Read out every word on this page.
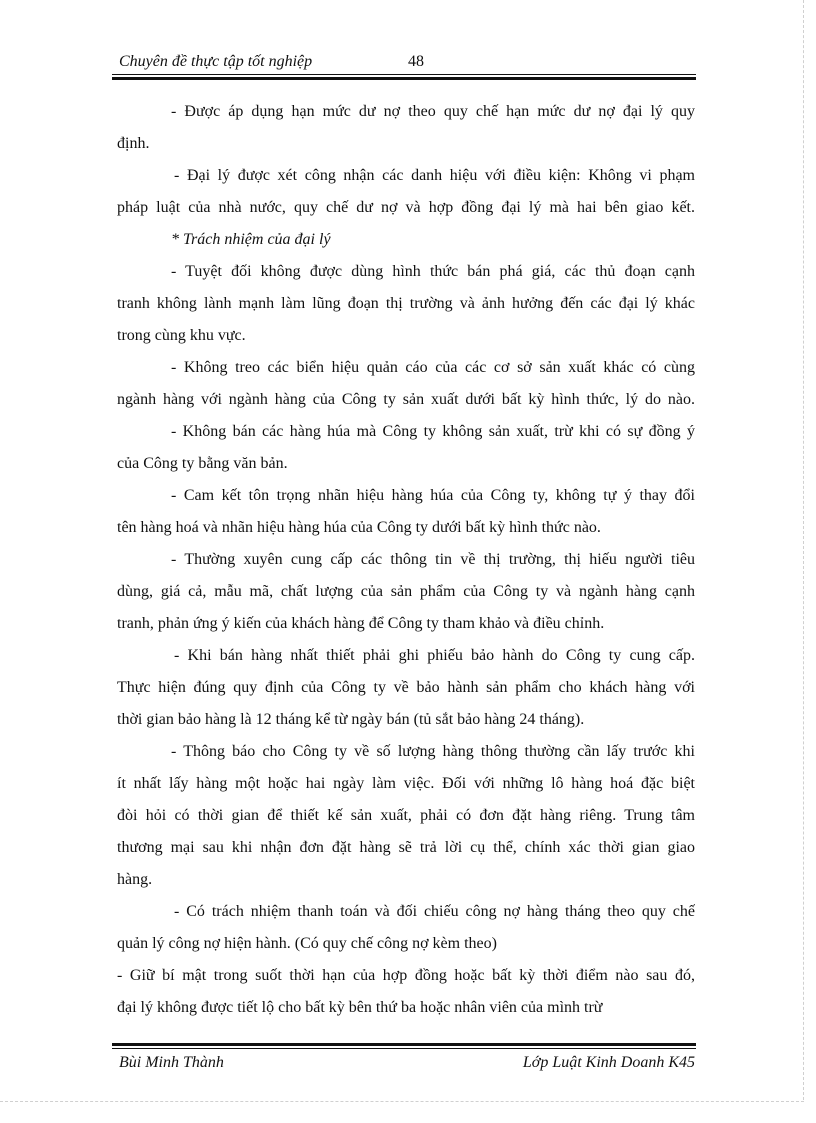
Chuyên đề thực tập tốt nghiệp	48
- Được áp dụng hạn mức dư nợ theo quy chế hạn mức dư nợ đại lý quy
định.
- Đại lý được xét công nhận các danh hiệu với điều kiện: Không vi phạm
pháp luật của nhà nước, quy chế dư nợ và hợp đồng đại lý mà hai bên giao kết.
* Trách nhiệm của đại lý
- Tuyệt đối không được dùng hình thức bán phá giá, các thủ đoạn cạnh
tranh không lành mạnh làm lũng đoạn thị trường và ảnh hưởng đến các đại lý khác
trong cùng khu vực.
- Không treo các biển hiệu quản cáo của các cơ sở sản xuất khác có cùng
ngành hàng với ngành hàng của Công ty sản xuất dưới bất kỳ hình thức, lý do nào.
- Không bán các hàng húa mà Công ty không sản xuất, trừ khi có sự đồng ý
của Công ty bằng văn bản.
- Cam kết tôn trọng nhãn hiệu hàng húa của Công ty, không tự ý thay đổi
tên hàng hoá và nhãn hiệu hàng húa của Công ty dưới bất kỳ hình thức nào.
- Thường xuyên cung cấp các thông tin về thị trường, thị hiếu người tiêu
dùng, giá cả, mẫu mã, chất lượng của sản phẩm của Công ty và ngành hàng cạnh
tranh, phản ứng ý kiến của khách hàng để Công ty tham khảo và điều chỉnh.
- Khi bán hàng nhất thiết phải ghi phiếu bảo hành do Công ty cung cấp.
Thực hiện đúng quy định của Công ty về bảo hành sản phẩm cho khách hàng với
thời gian bảo hàng là 12 tháng kể từ ngày bán (tủ sắt bảo hàng 24 tháng).
- Thông báo cho Công ty về số lượng hàng thông thường cần lấy trước khi
ít nhất lấy hàng một hoặc hai ngày làm việc. Đối với những lô hàng hoá đặc biệt
đòi hỏi có thời gian để thiết kế sản xuất, phải có đơn đặt hàng riêng. Trung tâm
thương mại sau khi nhận đơn đặt hàng sẽ trả lời cụ thể, chính xác thời gian giao
hàng.
- Có trách nhiệm thanh toán và đối chiếu công nợ hàng tháng theo quy chế
quản lý công nợ hiện hành. (Có quy chế công nợ kèm theo)
- Giữ bí mật trong suốt thời hạn của hợp đồng hoặc bất kỳ thời điểm nào sau đó,
đại lý không được tiết lộ cho bất kỳ bên thứ ba hoặc nhân viên của mình trừ
Bùi Minh Thành	Lớp Luật Kinh Doanh K45
